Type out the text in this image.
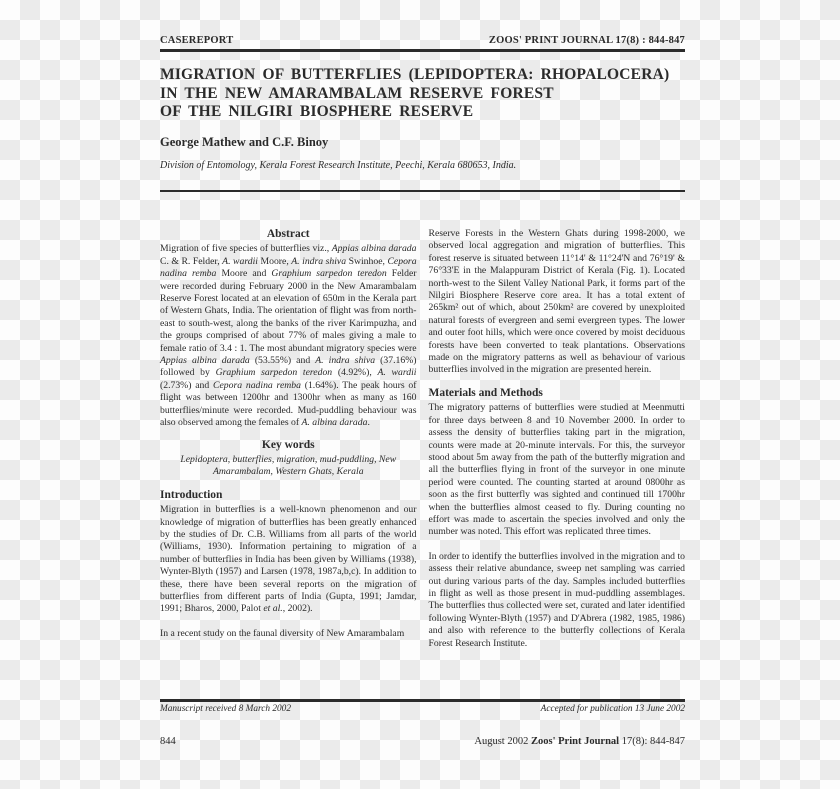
CASEREPORT	ZOOS' PRINT JOURNAL 17(8) : 844-847
MIGRATION OF BUTTERFLIES (LEPIDOPTERA: RHOPALOCERA)
IN THE NEW AMARAMBALAM RESERVE FOREST
OF THE NILGIRI BIOSPHERE RESERVE
George Mathew and C.F. Binoy
Division of Entomology, Kerala Forest Research Institute, Peechi, Kerala 680653, India.
Abstract

Migration of five species of butterflies viz., Appias albina darada C. & R. Felder, A. wardii Moore, A. indra shiva Swinhoe, Cepora nadina remba Moore and Graphium sarpedon teredon Felder were recorded during February 2000 in the New Amarambalam Reserve Forest located at an elevation of 650m in the Kerala part of Western Ghats, India. The orientation of flight was from north-east to south-west, along the banks of the river Karimpuzha, and the groups comprised of about 77% of males giving a male to female ratio of 3.4 : 1. The most abundant migratory species were Appias albina darada (53.55%) and A. indra shiva (37.16%) followed by Graphium sarpedon teredon (4.92%), A. wardii (2.73%) and Cepora nadina remba (1.64%). The peak hours of flight was between 1200hr and 1300hr when as many as 160 butterflies/minute were recorded. Mud-puddling behaviour was also observed among the females of A. albina darada.

Key words
Lepidoptera, butterflies, migration, mud-puddling, New Amarambalam, Western Ghats, Kerala
Introduction

Migration in butterflies is a well-known phenomenon and our knowledge of migration of butterflies has been greatly enhanced by the studies of Dr. C.B. Williams from all parts of the world (Williams, 1930). Information pertaining to migration of a number of butterflies in India has been given by Williams (1938), Wynter-Blyth (1957) and Larsen (1978, 1987a,b,c). In addition to these, there have been several reports on the migration of butterflies from different parts of India (Gupta, 1991; Jamdar, 1991; Bharos, 2000, Palot et al., 2002).

In a recent study on the faunal diversity of New Amarambalam

Reserve Forests in the Western Ghats during 1998-2000, we observed local aggregation and migration of butterflies. This forest reserve is situated between 11°14' & 11°24'N and 76°19' & 76°33'E in the Malappuram District of Kerala (Fig. 1). Located north-west to the Silent Valley National Park, it forms part of the Nilgiri Biosphere Reserve core area. It has a total extent of 265km² out of which, about 250km² are covered by unexploited natural forests of evergreen and semi evergreen types. The lower and outer foot hills, which were once covered by moist deciduous forests have been converted to teak plantations. Observations made on the migratory patterns as well as behaviour of various butterflies involved in the migration are presented herein.

Materials and Methods

The migratory patterns of butterflies were studied at Meenmutti for three days between 8 and 10 November 2000. In order to assess the density of butterflies taking part in the migration, counts were made at 20-minute intervals. For this, the surveyor stood about 5m away from the path of the butterfly migration and all the butterflies flying in front of the surveyor in one minute period were counted. The counting started at around 0800hr as soon as the first butterfly was sighted and continued till 1700hr when the butterflies almost ceased to fly. During counting no effort was made to ascertain the species involved and only the number was noted. This effort was replicated three times.

In order to identify the butterflies involved in the migration and to assess their relative abundance, sweep net sampling was carried out during various parts of the day. Samples included butterflies in flight as well as those present in mud-puddling assemblages. The butterflies thus collected were set, curated and later identified following Wynter-Blyth (1957) and D'Abrera (1982, 1985, 1986) and also with reference to the butterfly collections of Kerala Forest Research Institute.

Manuscript received 8 March 2002	Accepted for publication 13 June 2002
844	August 2002 Zoos' Print Journal 17(8): 844-847
